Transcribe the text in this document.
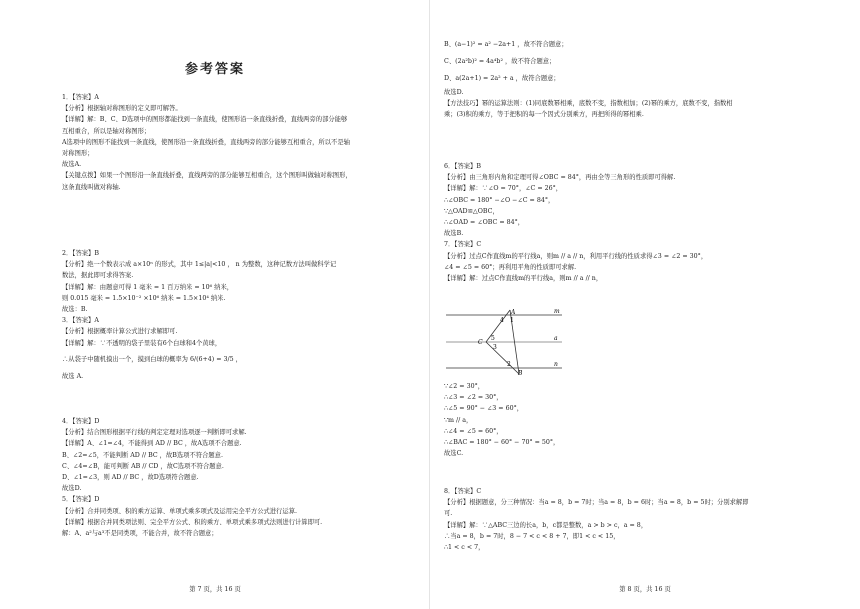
参考答案
1．【答案】A
【分析】根据轴对称图形的定义即可解答。
【详解】解：B、C、D选项中的图形都能找到一条直线，使图形沿一条直线折叠，直线两旁的部分能够
互相重合，所以是轴对称图形；
A选项中的图形不能找到一条直线，使图形沿一条直线折叠，直线两旁的部分能够互相重合，所以不是轴
对称图形；
故选A.
【关键点拨】如果一个图形沿一条直线折叠，直线两旁的部分能够互相重合，这个图形叫做轴对称图形，
这条直线叫做对称轴.
2．【答案】B
【分析】绝一个数表示成 a×10ⁿ 的形式，其中 1≤|a|<10 ， n 为整数，这种记数方法叫做科学记
数法，据此即可求得答案.
【详解】解：由题意可得 1 毫米 = 1 百万纳米 = 10⁶ 纳米，
则 0.015 毫米 = 1.5×10⁻² ×10⁶ 纳米 = 1.5×10⁴ 纳米.
故选：B.
3．【答案】A
【分析】根据概率计算公式进行求解即可.
【详解】解：∵不透明的袋子里装有6个白球和4个黄球，
∴从袋子中随机摸出一个，摸到白球的概率为 6/(6+4) = 3/5 ，
故选 A.
4．【答案】D
【分析】结合图形根据平行线的判定定理对选项逐一判断即可求解.
【详解】A、∠1=∠4，不能得到 AD // BC ，故A选项不合题意.
B、∠2=∠5，不能判断 AD // BC ，故B选项不符合题意.
C、∠4=∠B，能可判断 AB // CD ，故C选项不符合题意.
D、∠1=∠3，则 AD // BC ，故D选项符合题意.
故选D.
5．【答案】D
【分析】合并同类项、积的乘方运算、单项式乘多项式及运用完全平方公式进行运算.
【详解】根据合并同类项法则、完全平方公式、积的乘方、单项式乘多项式法则进行计算即可.
解：A、a²与a³不是同类项，不能合并，故不符合题意；
第 7 页，共 16 页
B、(a−1)² = a² −2a+1 ，故不符合题意；
C、(2a²b)² = 4a⁴b² ，故不符合题意；
D、a(2a+1) = 2a² + a ，故符合题意；
故选D.
【方法技巧】幂的运算法则：(1)同底数幂相乘，底数不变，指数相加；(2)幂的乘方，底数不变，指数相
乘；(3)积的乘方，等于把积的每一个因式分别乘方，再把所得的幂相乘.
6．【答案】B
【分析】由三角形内角和定理可得∠OBC = 84°，再由全等三角形的性质即可得解.
【详解】解：∵∠O = 70°，∠C = 26°，
∴∠OBC = 180° −∠O −∠C = 84°，
∵△OAD≌△OBC，
∴∠OAD = ∠OBC = 84°，
故选B.
7．【答案】C
【分析】过点C作直线m的平行线a，则m // a // n，利用平行线的性质求得∠3 = ∠2 = 30°，
∠4 = ∠5 = 60°；再利用平角的性质即可求解.
【详解】解：过点C作直线m的平行线a，则m // a // n，
m
a
n
A
B
C
4 1
5
3
2
∵∠2 = 30°，
∴∠3 = ∠2 = 30°，
∴∠5 = 90° − ∠3 = 60°，
∵m // a，
∴∠4 = ∠5 = 60°，
∴∠BAC = 180° − 60° − 70° = 50°，
故选C.
8．【答案】C
【分析】根据题意，分三种情况：当a = 8，b = 7时；当a = 8，b = 6时；当a = 8，b = 5时；分别求解即
可.
【详解】解：∵△ABC三边的长a，b，c都是整数，a > b > c，a = 8，
∴当a = 8，b = 7时，8 − 7 < c < 8 + 7，即1 < c < 15，
∴1 < c < 7，
第 8 页，共 16 页
